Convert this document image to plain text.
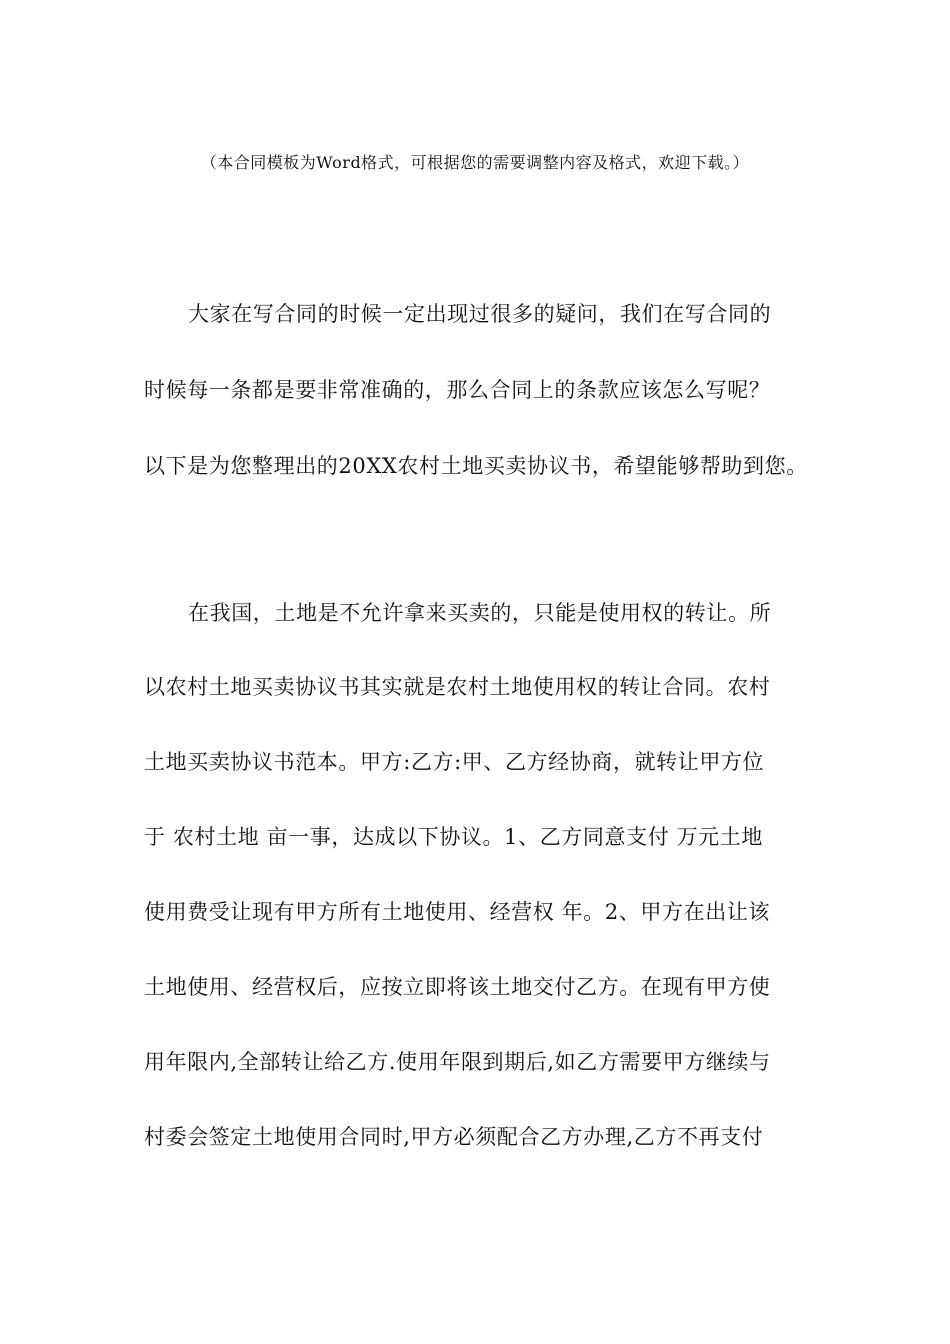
（本合同模板为Word格式，可根据您的需要调整内容及格式，欢迎下载。）
大家在写合同的时候一定出现过很多的疑问，我们在写合同的
时候每一条都是要非常准确的，那么合同上的条款应该怎么写呢？
以下是为您整理出的20XX农村土地买卖协议书，希望能够帮助到您。
在我国，土地是不允许拿来买卖的，只能是使用权的转让。所
以农村土地买卖协议书其实就是农村土地使用权的转让合同。农村
土地买卖协议书范本。甲方:乙方:甲、乙方经协商，就转让甲方位
于 农村土地 亩一事，达成以下协议。1、乙方同意支付 万元土地
使用费受让现有甲方所有土地使用、经营权 年。2、甲方在出让该
土地使用、经营权后，应按立即将该土地交付乙方。在现有甲方使
用年限内,全部转让给乙方.使用年限到期后,如乙方需要甲方继续与
村委会签定土地使用合同时,甲方必须配合乙方办理,乙方不再支付
